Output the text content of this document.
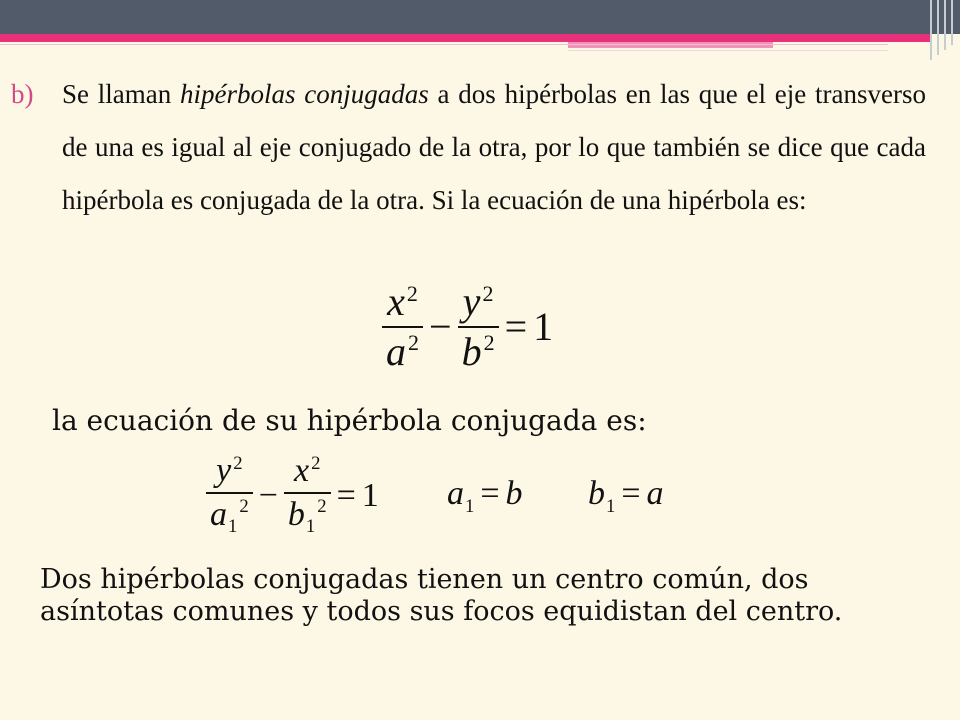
b) Se llaman hipérbolas conjugadas a dos hipérbolas en las que el eje transverso de una es igual al eje conjugado de la otra, por lo que también se dice que cada hipérbola es conjugada de la otra. Si la ecuación de una hipérbola es:
$\frac{x^2}{a^2} - \frac{y^2}{b^2} = 1$
la ecuación de su hipérbola conjugada es:
$\frac{y ^2}{a_1^2} - \frac{x ^2}{b_1^2} = 1$ $a_1 = b$ $b_1 = a$
Dos hipérbolas conjugadas tienen un centro común, dos asíntotas comunes y todos sus focos equidistan del centro.
